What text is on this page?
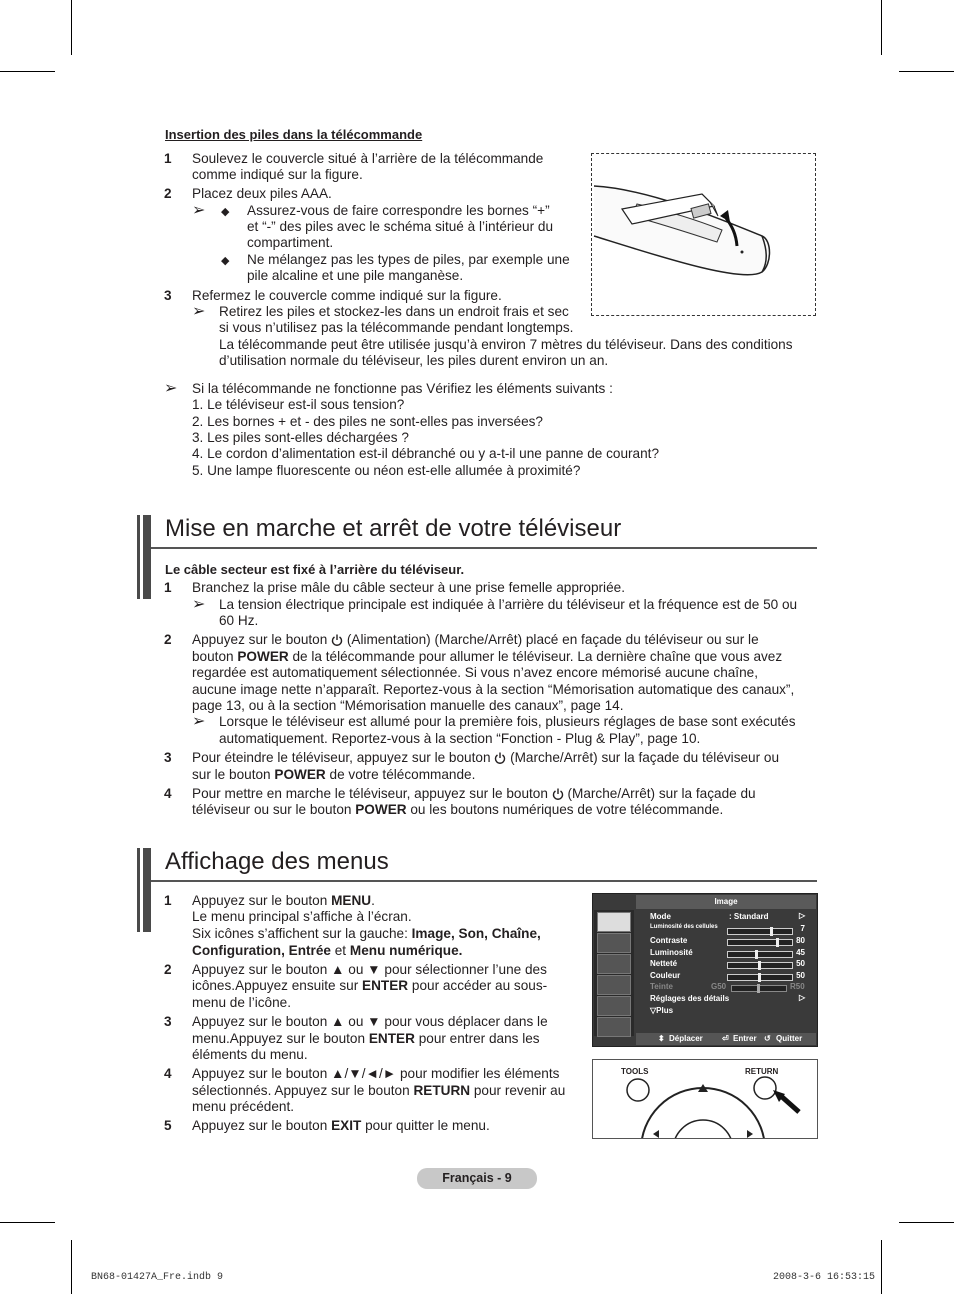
Insertion des piles dans la télécommande
1 Soulevez le couvercle situé à l’arrière de la télécommande
comme indiqué sur la figure.
2 Placez deux piles AAA.
➢ ◆ Assurez-vous de faire correspondre les bornes “+”
et “-” des piles avec le schéma situé à l’intérieur du
compartiment.
◆ Ne mélangez pas les types de piles, par exemple une
pile alcaline et une pile manganèse.
3 Refermez le couvercle comme indiqué sur la figure.
➢ Retirez les piles et stockez-les dans un endroit frais et sec
si vous n’utilisez pas la télécommande pendant longtemps.
La télécommande peut être utilisée jusqu’à environ 7 mètres du téléviseur. Dans des conditions
d’utilisation normale du téléviseur, les piles durent environ un an.
➢ Si la télécommande ne fonctionne pas Vérifiez les éléments suivants :
1. Le téléviseur est-il sous tension?
2. Les bornes + et - des piles ne sont-elles pas inversées?
3. Les piles sont-elles déchargées ?
4. Le cordon d’alimentation est-il débranché ou y a-t-il une panne de courant?
5. Une lampe fluorescente ou néon est-elle allumée à proximité?
Mise en marche et arrêt de votre téléviseur
Le câble secteur est fixé à l’arrière du téléviseur.
1 Branchez la prise mâle du câble secteur à une prise femelle appropriée.
➢ La tension électrique principale est indiquée à l’arrière du téléviseur et la fréquence est de 50 ou
60 Hz.
2 Appuyez sur le bouton (Alimentation) (Marche/Arrêt) placé en façade du téléviseur ou sur le
bouton POWER de la télécommande pour allumer le téléviseur. La dernière chaîne que vous avez
regardée est automatiquement sélectionnée. Si vous n’avez encore mémorisé aucune chaîne,
aucune image nette n’apparaît. Reportez-vous à la section “Mémorisation automatique des canaux”,
page 13, ou à la section “Mémorisation manuelle des canaux”, page 14.
➢ Lorsque le téléviseur est allumé pour la première fois, plusieurs réglages de base sont exécutés
automatiquement. Reportez-vous à la section “Fonction - Plug & Play”, page 10.
3 Pour éteindre le téléviseur, appuyez sur le bouton (Marche/Arrêt) sur la façade du téléviseur ou
sur le bouton POWER de votre télécommande.
4 Pour mettre en marche le téléviseur, appuyez sur le bouton (Marche/Arrêt) sur la façade du
téléviseur ou sur le bouton POWER ou les boutons numériques de votre télécommande.
Affichage des menus
1 Appuyez sur le bouton MENU.
Le menu principal s’affiche à l’écran.
Six icônes s’affichent sur la gauche: Image, Son, Chaîne,
Configuration, Entrée et Menu numérique.
2 Appuyez sur le bouton ▲ ou ▼ pour sélectionner l’une des
icônes.Appuyez ensuite sur ENTER pour accéder au sous-
menu de l’icône.
3 Appuyez sur le bouton ▲ ou ▼ pour vous déplacer dans le
menu.Appuyez sur le bouton ENTER pour entrer dans les
éléments du menu.
4 Appuyez sur le bouton ▲/▼/◄/► pour modifier les éléments
sélectionnés. Appuyez sur le bouton RETURN pour revenir au
menu précédent.
5 Appuyez sur le bouton EXIT pour quitter le menu.
Image
Mode	: Standard	▷
Luminosité des cellules	7
Contraste	80
Luminosité	45
Netteté	50
Couleur	50
Teinte	G50	R50
Réglages des détails	▷
▽Plus
⬍ Déplacer ⏎ Entrer ↺ Quitter
TOOLS	RETURN
Français - 9
BN68-01427A_Fre.indb 9	2008-3-6 16:53:15
